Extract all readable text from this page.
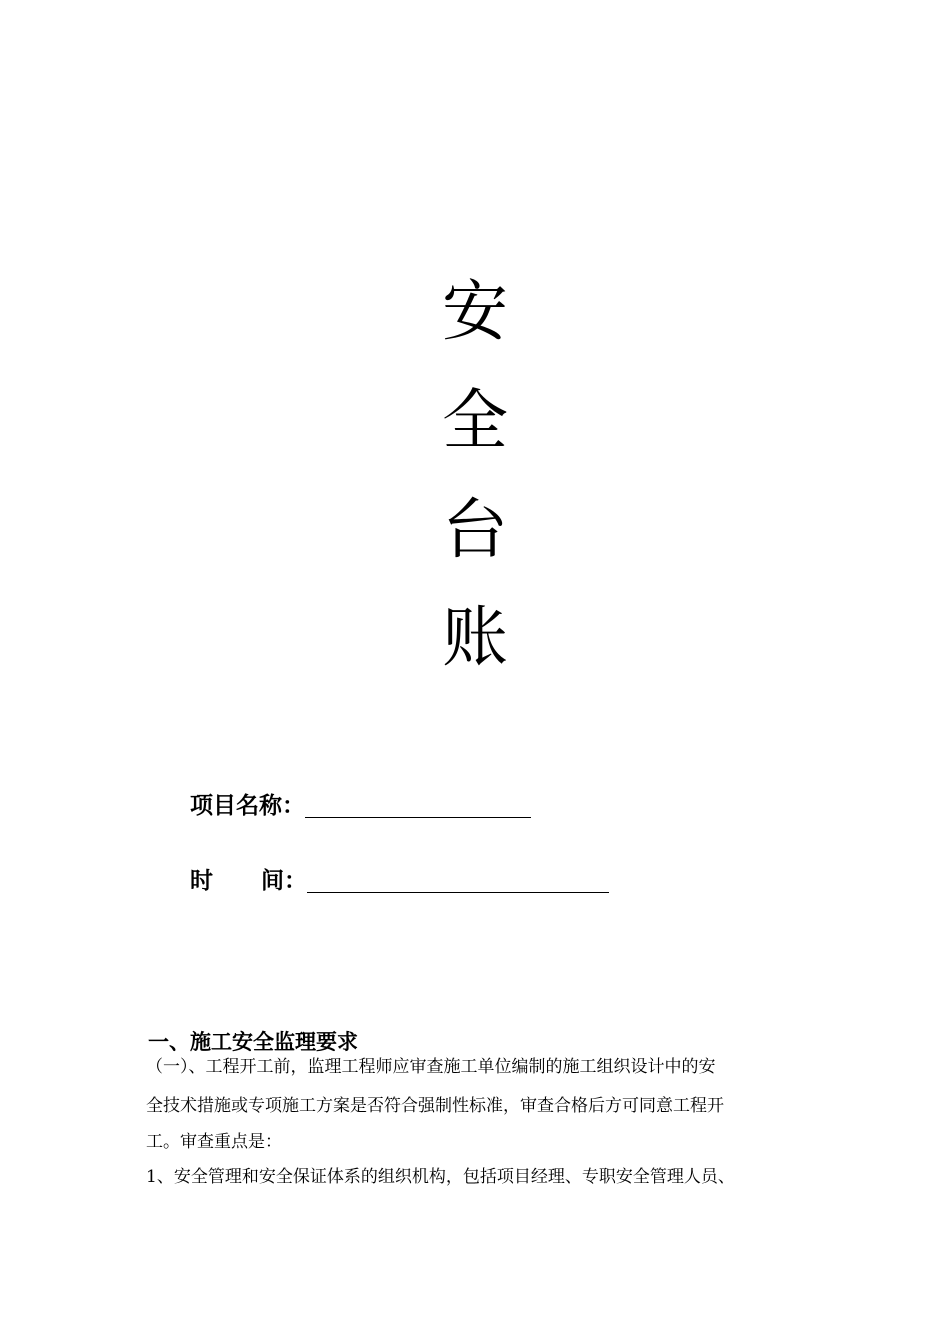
安
全
台
账
项目名称：
时      间：
一、施工安全监理要求
（一）、工程开工前，监理工程师应审查施工单位编制的施工组织设计中的安
全技术措施或专项施工方案是否符合强制性标准，审查合格后方可同意工程开
工。审查重点是：
1、安全管理和安全保证体系的组织机构，包括项目经理、专职安全管理人员、
